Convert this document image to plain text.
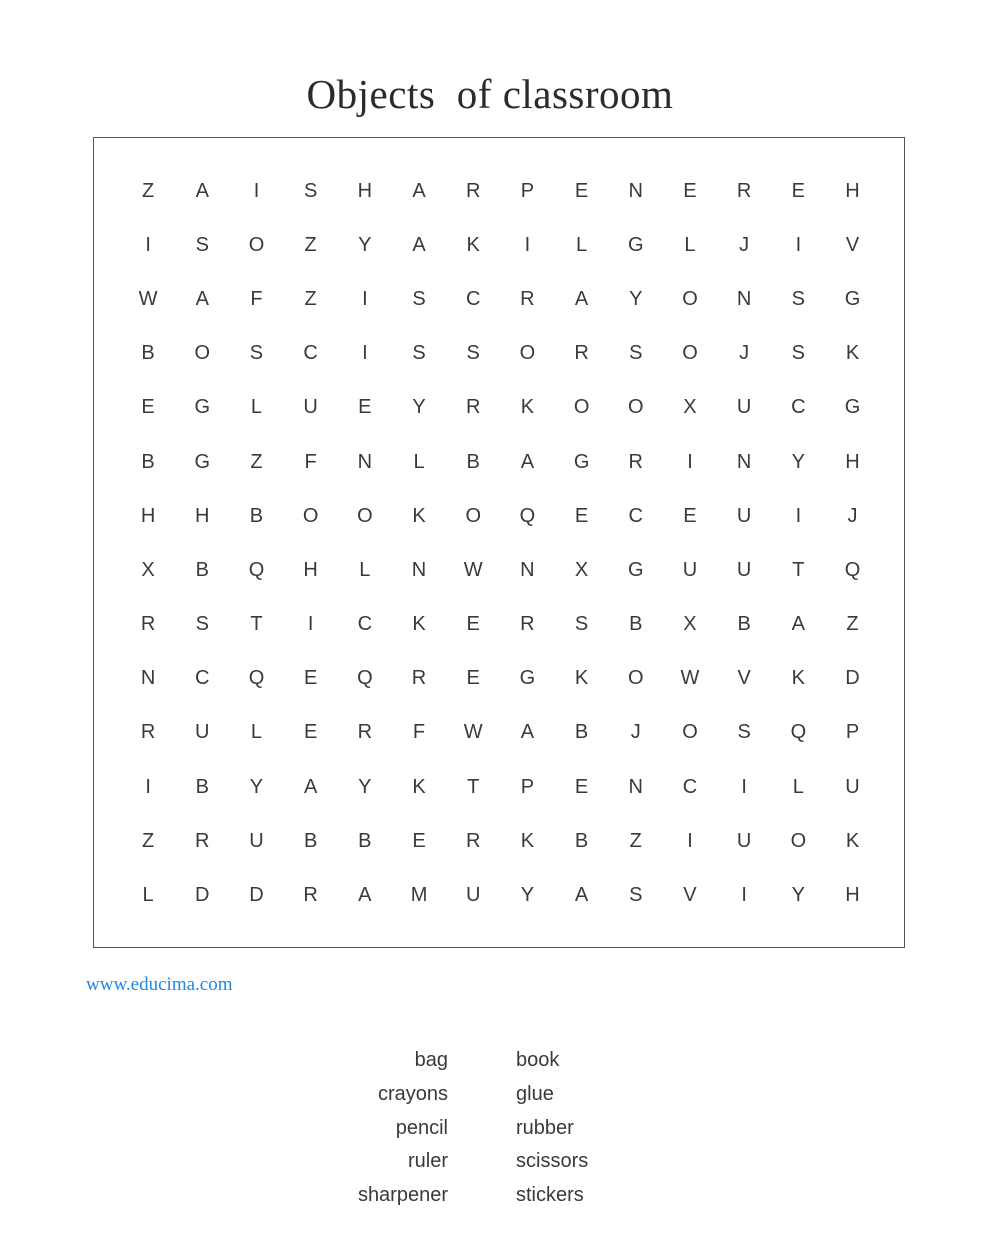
Objects  of classroom
Z	A	I	S	H	A	R	P	E	N	E	R	E	H
I	S	O	Z	Y	A	K	I	L	G	L	J	I	V
W	A	F	Z	I	S	C	R	A	Y	O	N	S	G
B	O	S	C	I	S	S	O	R	S	O	J	S	K
E	G	L	U	E	Y	R	K	O	O	X	U	C	G
B	G	Z	F	N	L	B	A	G	R	I	N	Y	H
H	H	B	O	O	K	O	Q	E	C	E	U	I	J
X	B	Q	H	L	N	W	N	X	G	U	U	T	Q
R	S	T	I	C	K	E	R	S	B	X	B	A	Z
N	C	Q	E	Q	R	E	G	K	O	W	V	K	D
R	U	L	E	R	F	W	A	B	J	O	S	Q	P
I	B	Y	A	Y	K	T	P	E	N	C	I	L	U
Z	R	U	B	B	E	R	K	B	Z	I	U	O	K
L	D	D	R	A	M	U	Y	A	S	V	I	Y	H
www.educima.com
bag
crayons
pencil
ruler
sharpener
book
glue
rubber
scissors
stickers
